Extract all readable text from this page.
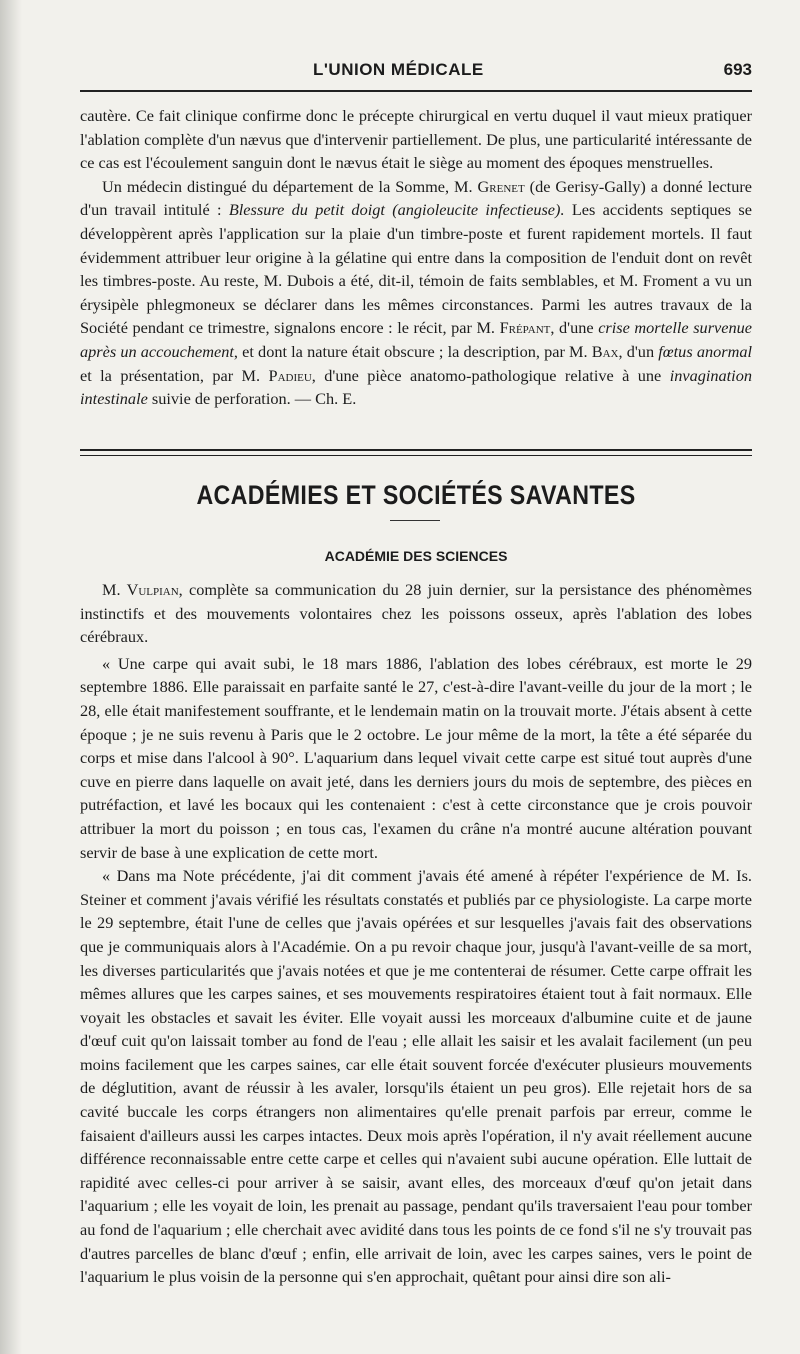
L'UNION MÉDICALE	693

cautère. Ce fait clinique confirme donc le précepte chirurgical en vertu duquel il vaut mieux pratiquer l'ablation complète d'un nævus que d'intervenir partiellement. De plus, une particularité intéressante de ce cas est l'écoulement sanguin dont le nævus était le siège au moment des époques menstruelles.

Un médecin distingué du département de la Somme, M. Grenet (de Gerisy-Gally) a donné lecture d'un travail intitulé : Blessure du petit doigt (angioleucite infectieuse). Les accidents septiques se développèrent après l'application sur la plaie d'un timbre-poste et furent rapidement mortels. Il faut évidemment attribuer leur origine à la gélatine qui entre dans la composition de l'enduit dont on revêt les timbres-poste. Au reste, M. Dubois a été, dit-il, témoin de faits semblables, et M. Froment a vu un érysipèle phlegmoneux se déclarer dans les mêmes circonstances. Parmi les autres travaux de la Société pendant ce trimestre, signalons encore : le récit, par M. Frépant, d'une crise mortelle survenue après un accouchement, et dont la nature était obscure ; la description, par M. Bax, d'un fœtus anormal et la présentation, par M. Padieu, d'une pièce anatomo-pathologique relative à une invagination intestinale suivie de perforation. — Ch. E.

ACADÉMIES ET SOCIÉTÉS SAVANTES
ACADÉMIE DES SCIENCES

M. Vulpian, complète sa communication du 28 juin dernier, sur la persistance des phénomèmes instinctifs et des mouvements volontaires chez les poissons osseux, après l'ablation des lobes cérébraux.

« Une carpe qui avait subi, le 18 mars 1886, l'ablation des lobes cérébraux, est morte le 29 septembre 1886. Elle paraissait en parfaite santé le 27, c'est-à-dire l'avant-veille du jour de la mort ; le 28, elle était manifestement souffrante, et le lendemain matin on la trouvait morte. J'étais absent à cette époque ; je ne suis revenu à Paris que le 2 octobre. Le jour même de la mort, la tête a été séparée du corps et mise dans l'alcool à 90°. L'aquarium dans lequel vivait cette carpe est situé tout auprès d'une cuve en pierre dans laquelle on avait jeté, dans les derniers jours du mois de septembre, des pièces en putréfaction, et lavé les bocaux qui les contenaient : c'est à cette circonstance que je crois pouvoir attribuer la mort du poisson ; en tous cas, l'examen du crâne n'a montré aucune altération pouvant servir de base à une explication de cette mort.

« Dans ma Note précédente, j'ai dit comment j'avais été amené à répéter l'expérience de M. Is. Steiner et comment j'avais vérifié les résultats constatés et publiés par ce physiologiste. La carpe morte le 29 septembre, était l'une de celles que j'avais opérées et sur lesquelles j'avais fait des observations que je communiquais alors à l'Académie. On a pu revoir chaque jour, jusqu'à l'avant-veille de sa mort, les diverses particularités que j'avais notées et que je me contenterai de résumer. Cette carpe offrait les mêmes allures que les carpes saines, et ses mouvements respiratoires étaient tout à fait normaux. Elle voyait les obstacles et savait les éviter. Elle voyait aussi les morceaux d'albumine cuite et de jaune d'œuf cuit qu'on laissait tomber au fond de l'eau ; elle allait les saisir et les avalait facilement (un peu moins facilement que les carpes saines, car elle était souvent forcée d'exécuter plusieurs mouvements de déglutition, avant de réussir à les avaler, lorsqu'ils étaient un peu gros). Elle rejetait hors de sa cavité buccale les corps étrangers non alimentaires qu'elle prenait parfois par erreur, comme le faisaient d'ailleurs aussi les carpes intactes. Deux mois après l'opération, il n'y avait réellement aucune différence reconnaissable entre cette carpe et celles qui n'avaient subi aucune opération. Elle luttait de rapidité avec celles-ci pour arriver à se saisir, avant elles, des morceaux d'œuf qu'on jetait dans l'aquarium ; elle les voyait de loin, les prenait au passage, pendant qu'ils traversaient l'eau pour tomber au fond de l'aquarium ; elle cherchait avec avidité dans tous les points de ce fond s'il ne s'y trouvait pas d'autres parcelles de blanc d'œuf ; enfin, elle arrivait de loin, avec les carpes saines, vers le point de l'aquarium le plus voisin de la personne qui s'en approchait, quêtant pour ainsi dire son ali-
